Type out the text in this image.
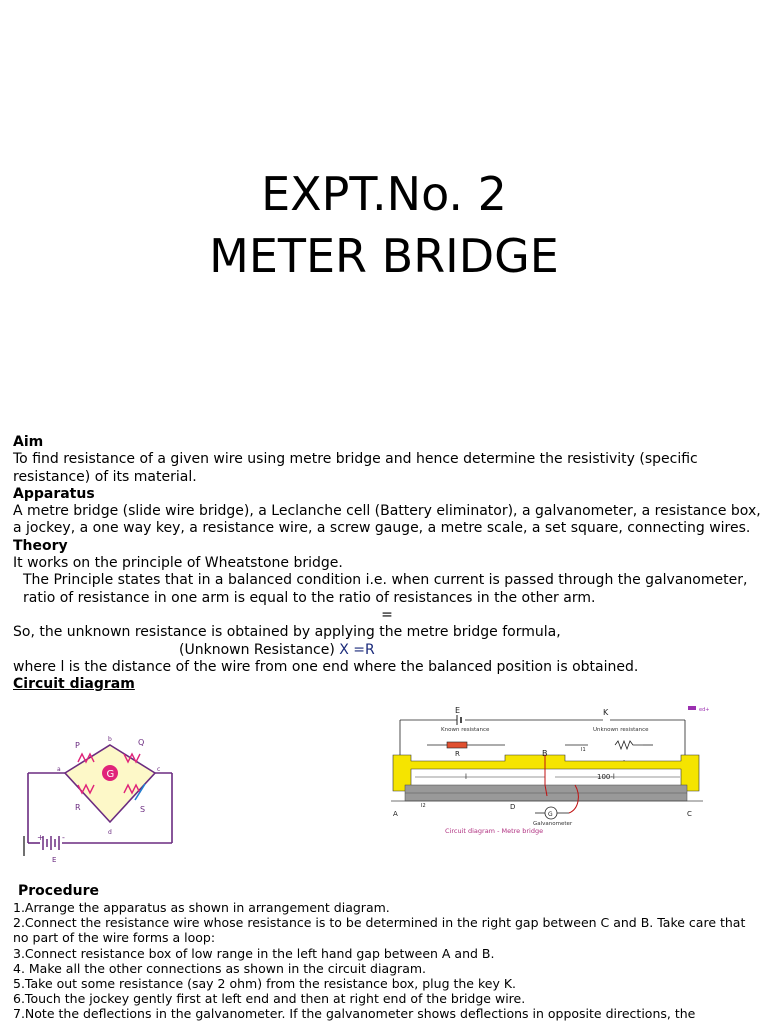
EXPT.No. 2
METER BRIDGE

Aim

To find resistance of a given wire using metre bridge and hence determine the resistivity (specific resistance) of its material.

Apparatus

A metre bridge (slide wire bridge), a Leclanche cell (Battery eliminator), a galvanometer, a resistance box, a jockey, a one way key, a resistance wire, a screw gauge, a metre scale, a set square, connecting wires.

Theory

It works on the principle of Wheatstone bridge.

The Principle states that in a balanced condition i.e. when current is passed through the galvanometer, ratio of resistance in one arm is equal to the ratio of resistances in the other arm.

=

So, the unknown resistance is obtained by applying the metre bridge formula,

(Unknown Resistance) X =R

where l is the distance of the wire from one end where the balanced position is obtained.

Circuit diagram

G
P	Q
R	S
b
a	c
d
+ -
E
ed+
E	K
Known resistance	Unknown resistance
R	I1
B
l	100-l
A	C
I2	D
G
Galvanometer
Circuit diagram - Metre bridge

Procedure

1.Arrange the apparatus as shown in arrangement diagram.

2.Connect the resistance wire whose resistance is to be determined in the right gap between C and B. Take care that no part of the wire forms a loop:

3.Connect resistance box of low range in the left hand gap between A and B.

4. Make all the other connections as shown in the circuit diagram.

5.Take out some resistance (say 2 ohm) from the resistance box, plug the key K.

6.Touch the jockey gently first at left end and then at right end of the bridge wire.

7.Note the deflections in the galvanometer. If the galvanometer shows deflections in opposite directions, the
